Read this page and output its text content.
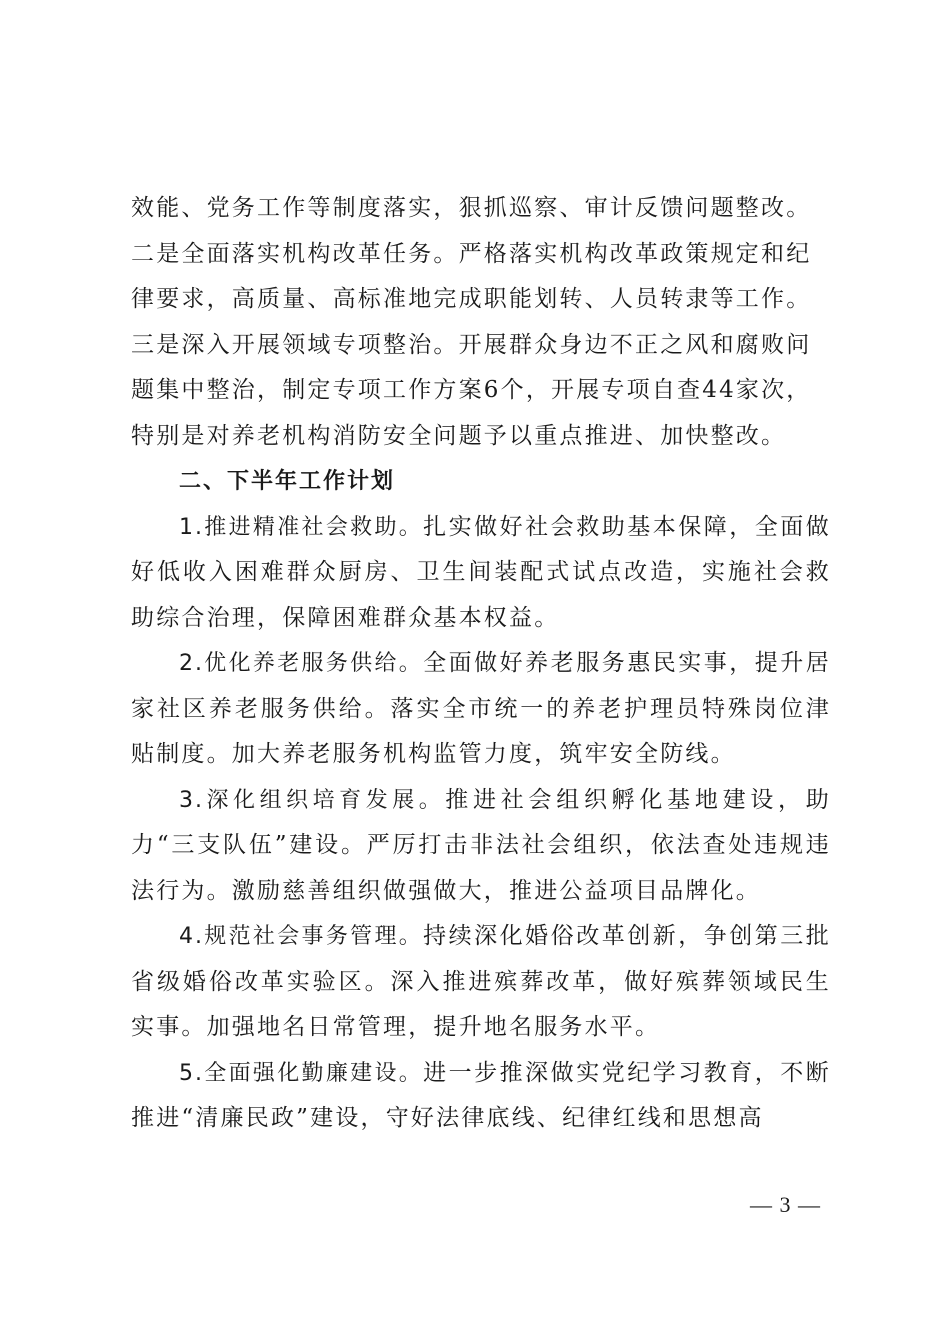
效能、党务工作等制度落实，狠抓巡察、审计反馈问题整改。
二是全面落实机构改革任务。严格落实机构改革政策规定和纪
律要求，高质量、高标准地完成职能划转、人员转隶等工作。
三是深入开展领域专项整治。开展群众身边不正之风和腐败问
题集中整治，制定专项工作方案6个，开展专项自查44家次，
特别是对养老机构消防安全问题予以重点推进、加快整改。
二、下半年工作计划

1.推进精准社会救助。扎实做好社会救助基本保障，全面做好低收入困难群众厨房、卫生间装配式试点改造，实施社会救助综合治理，保障困难群众基本权益。

2.优化养老服务供给。全面做好养老服务惠民实事，提升居家社区养老服务供给。落实全市统一的养老护理员特殊岗位津贴制度。加大养老服务机构监管力度，筑牢安全防线。

3.深化组织培育发展。推进社会组织孵化基地建设，助力“三支队伍”建设。严厉打击非法社会组织，依法查处违规违法行为。激励慈善组织做强做大，推进公益项目品牌化。

4.规范社会事务管理。持续深化婚俗改革创新，争创第三批省级婚俗改革实验区。深入推进殡葬改革，做好殡葬领域民生实事。加强地名日常管理，提升地名服务水平。

5.全面强化勤廉建设。进一步推深做实党纪学习教育，不断推进“清廉民政”建设，守好法律底线、纪律红线和思想高

— 3 —
